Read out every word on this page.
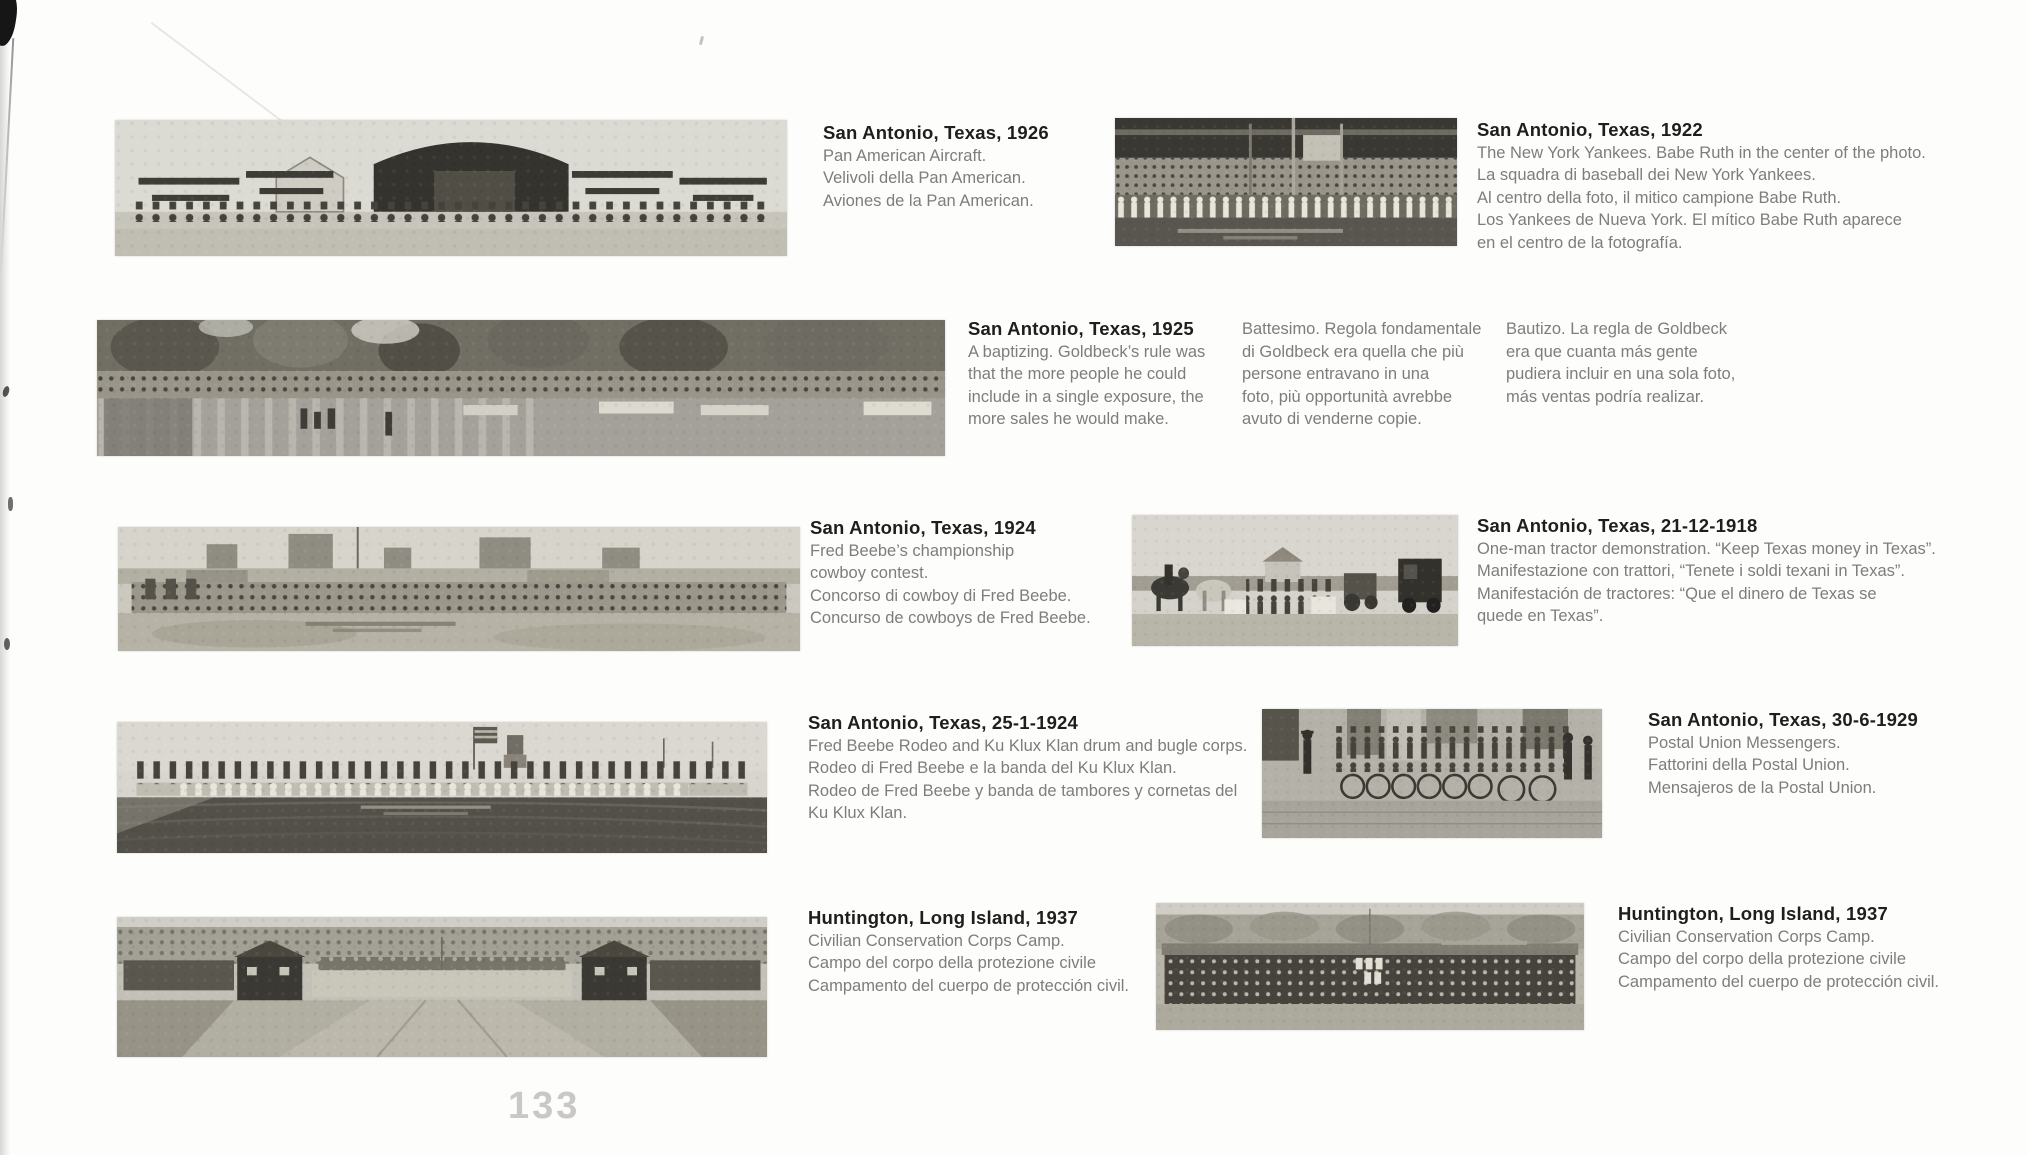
San Antonio, Texas, 1926

Pan American Aircraft.

Velivoli della Pan American.

Aviones de la Pan American.

San Antonio, Texas, 1922

The New York Yankees. Babe Ruth in the center of the photo.

La squadra di baseball dei New York Yankees.

Al centro della foto, il mitico campione Babe Ruth.

Los Yankees de Nueva York. El mítico Babe Ruth aparece

en el centro de la fotografía.

San Antonio, Texas, 1925

A baptizing. Goldbeck’s rule was

that the more people he could

include in a single exposure, the

more sales he would make.

Battesimo. Regola fondamentale

di Goldbeck era quella che più

persone entravano in una

foto, più opportunità avrebbe

avuto di venderne copie.

Bautizo. La regla de Goldbeck

era que cuanta más gente

pudiera incluir en una sola foto,

más ventas podría realizar.

San Antonio, Texas, 1924

Fred Beebe’s championship

cowboy contest.

Concorso di cowboy di Fred Beebe.

Concurso de cowboys de Fred Beebe.

San Antonio, Texas, 21-12-1918

One-man tractor demonstration. “Keep Texas money in Texas”.

Manifestazione con trattori, “Tenete i soldi texani in Texas”.

Manifestación de tractores: “Que el dinero de Texas se

quede en Texas”.

San Antonio, Texas, 25-1-1924

Fred Beebe Rodeo and Ku Klux Klan drum and bugle corps.

Rodeo di Fred Beebe e la banda del Ku Klux Klan.

Rodeo de Fred Beebe y banda de tambores y cornetas del

Ku Klux Klan.

San Antonio, Texas, 30-6-1929

Postal Union Messengers.

Fattorini della Postal Union.

Mensajeros de la Postal Union.

Huntington, Long Island, 1937

Civilian Conservation Corps Camp.

Campo del corpo della protezione civile

Campamento del cuerpo de protección civil.

Huntington, Long Island, 1937

Civilian Conservation Corps Camp.

Campo del corpo della protezione civile

Campamento del cuerpo de protección civil.

133
